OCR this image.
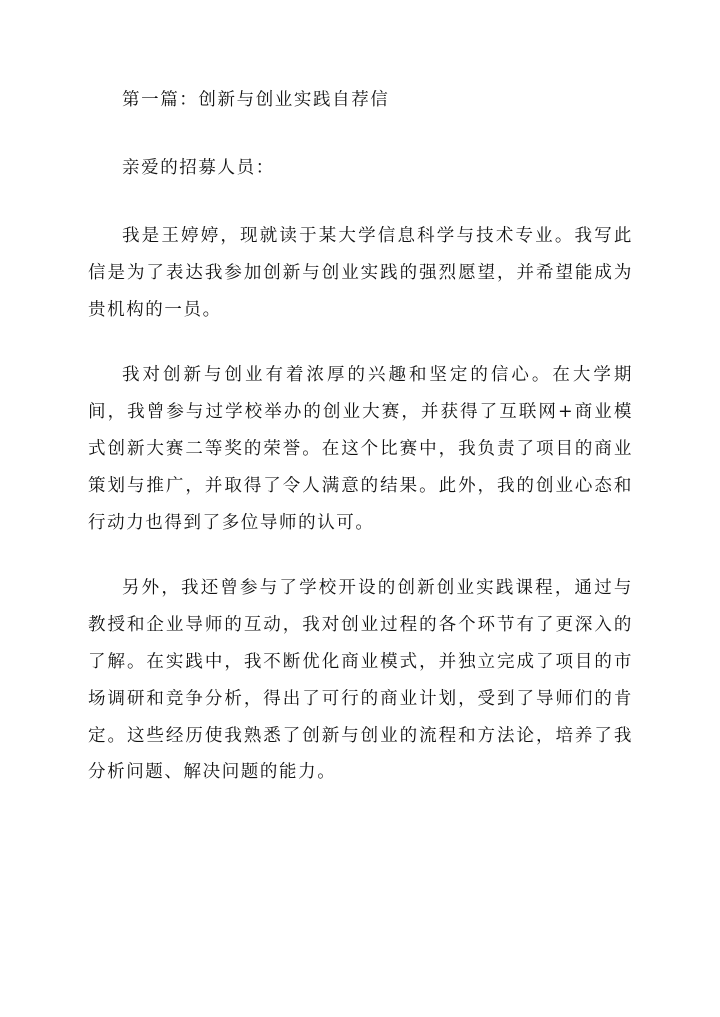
第一篇：创新与创业实践自荐信

亲爱的招募人员：

我是王婷婷，现就读于某大学信息科学与技术专业。我写此信是为了表达我参加创新与创业实践的强烈愿望，并希望能成为贵机构的一员。

我对创新与创业有着浓厚的兴趣和坚定的信心。在大学期间，我曾参与过学校举办的创业大赛，并获得了互联网+商业模式创新大赛二等奖的荣誉。在这个比赛中，我负责了项目的商业策划与推广，并取得了令人满意的结果。此外，我的创业心态和行动力也得到了多位导师的认可。

另外，我还曾参与了学校开设的创新创业实践课程，通过与教授和企业导师的互动，我对创业过程的各个环节有了更深入的了解。在实践中，我不断优化商业模式，并独立完成了项目的市场调研和竞争分析，得出了可行的商业计划，受到了导师们的肯定。这些经历使我熟悉了创新与创业的流程和方法论，培养了我分析问题、解决问题的能力。
